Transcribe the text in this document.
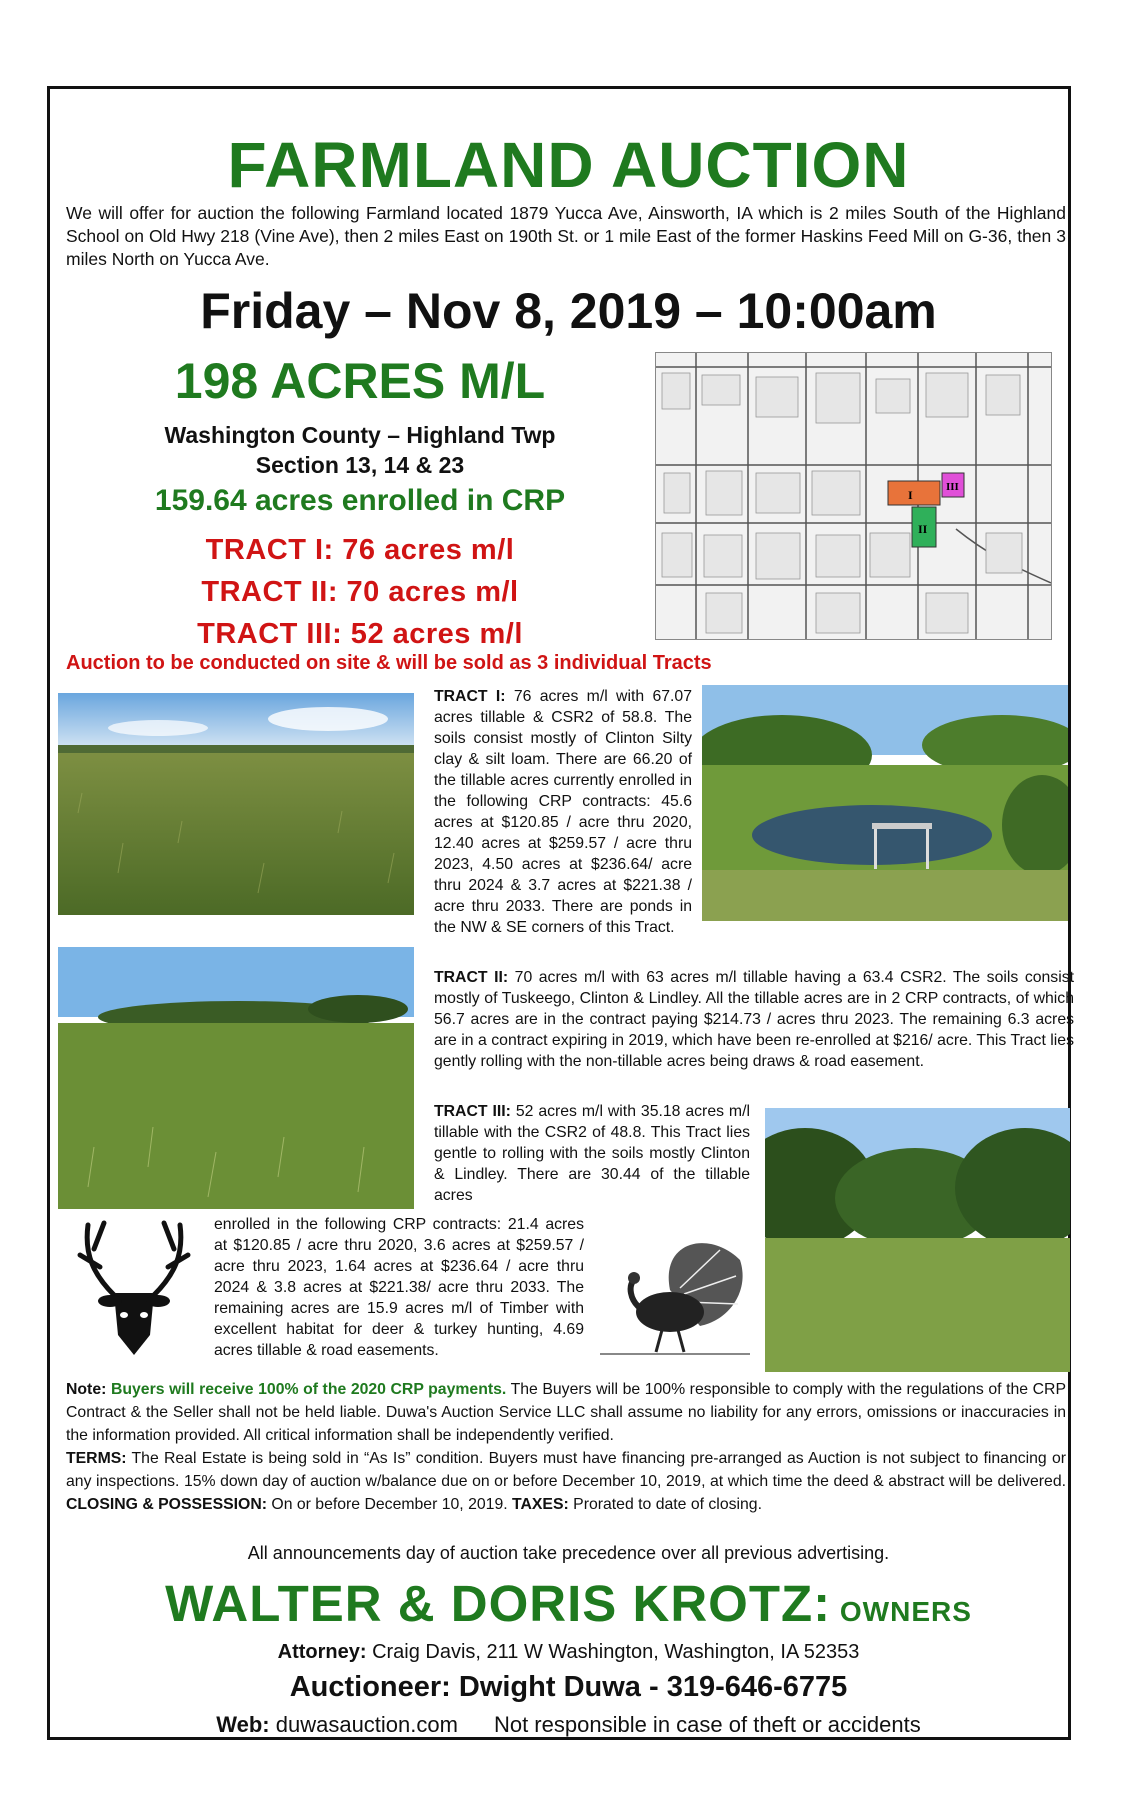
FARMLAND AUCTION
We will offer for auction the following Farmland located 1879 Yucca Ave, Ainsworth, IA which is 2 miles South of the Highland School on Old Hwy 218 (Vine Ave), then 2 miles East on 190th St. or 1 mile East of the former Haskins Feed Mill on G-36, then 3 miles North on Yucca Ave.
Friday – Nov 8, 2019 – 10:00am
198 ACRES M/L
Washington County – Highland Twp
Section 13, 14 & 23
159.64 acres enrolled in CRP
TRACT I: 76 acres m/l
TRACT II: 70 acres m/l
TRACT III: 52 acres m/l
Auction to be conducted on site & will be sold as 3 individual Tracts
I
III
II
TRACT I: 76 acres m/l with 67.07 acres tillable & CSR2 of 58.8. The soils consist mostly of Clinton Silty clay & silt loam. There are 66.20 of the tillable acres currently enrolled in the following CRP contracts: 45.6 acres at $120.85 / acre thru 2020, 12.40 acres at $259.57 / acre thru 2023, 4.50 acres at $236.64/ acre thru 2024 & 3.7 acres at $221.38 / acre thru 2033. There are ponds in the NW & SE corners of this Tract.
TRACT II: 70 acres m/l with 63 acres m/l tillable having a 63.4 CSR2. The soils consist mostly of Tuskeego, Clinton & Lindley. All the tillable acres are in 2 CRP contracts, of which 56.7 acres are in the contract paying $214.73 / acres thru 2023. The remaining 6.3 acres are in a contract expiring in 2019, which have been re-enrolled at $216/ acre. This Tract lies gently rolling with the non-tillable acres being draws & road easement.
TRACT III: 52 acres m/l with 35.18 acres m/l tillable with the CSR2 of 48.8. This Tract lies gentle to rolling with the soils mostly Clinton & Lindley. There are 30.44 of the tillable acres
enrolled in the following CRP contracts: 21.4 acres at $120.85 / acre thru 2020, 3.6 acres at $259.57 / acre thru 2023, 1.64 acres at $236.64 / acre thru 2024 & 3.8 acres at $221.38/ acre thru 2033. The remaining acres are 15.9 acres m/l of Timber with excellent habitat for deer & turkey hunting, 4.69 acres tillable & road easements.
Note: Buyers will receive 100% of the 2020 CRP payments. The Buyers will be 100% responsible to comply with the regulations of the CRP Contract & the Seller shall not be held liable. Duwa's Auction Service LLC shall assume no liability for any errors, omissions or inaccuracies in the information provided. All critical information shall be independently verified.
TERMS: The Real Estate is being sold in “As Is” condition. Buyers must have financing pre-arranged as Auction is not subject to financing or any inspections. 15% down day of auction w/balance due on or before December 10, 2019, at which time the deed & abstract will be delivered. CLOSING & POSSESSION: On or before December 10, 2019. TAXES: Prorated to date of closing.
All announcements day of auction take precedence over all previous advertising.
WALTER & DORIS KROTZ: OWNERS
Attorney: Craig Davis, 211 W Washington, Washington, IA 52353
Auctioneer: Dwight Duwa - 319-646-6775
Web: duwasauction.com Not responsible in case of theft or accidents
